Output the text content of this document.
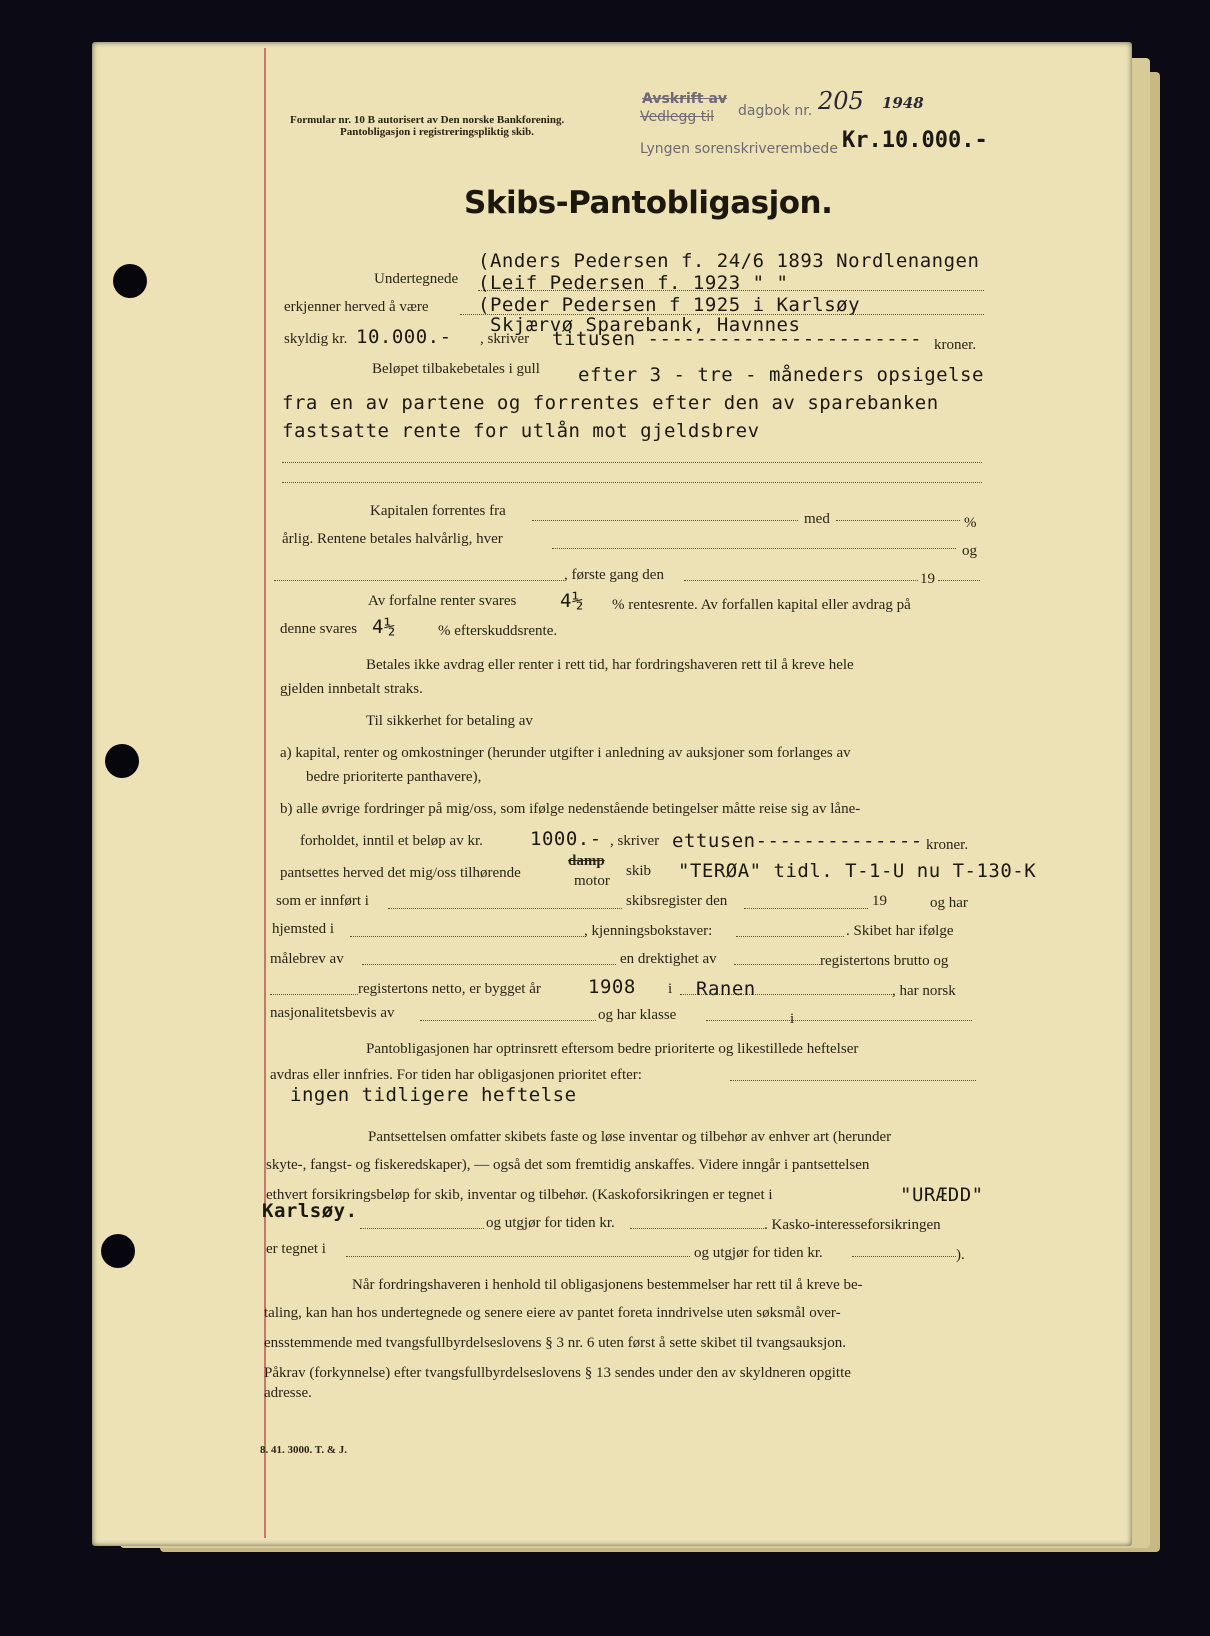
Formular nr. 10 B autorisert av Den norske Bankforening.
Pantobligasjon i registreringspliktig skib.
Avskrift av
Vedlegg til dagbok nr.
Lyngen sorenskriverembede
205 1948
Kr.10.000.-
Skibs-Pantobligasjon.
(Anders Pedersen f. 24/6 1893 Nordlenangen
Undertegnede (Leif Pedersen f. 1923 " "
(Peder Pedersen f 1925 i Karlsøy
erkjenner herved å være
Skjærvø Sparebank, Havnnes
skyldig kr. 10.000.- , skriver titusen ----------------------- kroner.
Beløpet tilbakebetales i gull efter 3 - tre - måneders opsigelse
fra en av partene og forrentes efter den av sparebanken
fastsatte rente for utlån mot gjeldsbrev
Kapitalen forrentes fra	med	%
årlig. Rentene betales halvårlig, hver
og
, første gang den	19
Av forfalne renter svares 4½ % rentesrente. Av forfallen kapital eller avdrag på
denne svares 4½	% efterskuddsrente.
Betales ikke avdrag eller renter i rett tid, har fordringshaveren rett til å kreve hele
gjelden innbetalt straks.
Til sikkerhet for betaling av
a) kapital, renter og omkostninger (herunder utgifter i anledning av auksjoner som forlanges av
bedre prioriterte panthavere),
b) alle øvrige fordringer på mig/oss, som ifølge nedenstående betingelser måtte reise sig av låne-
forholdet, inntil et beløp av kr. 1000.- , skriver ettusen-------------- kroner.
pantsettes herved det mig/oss tilhørende
damp
motor
skib "TERØA" tidl. T-1-U nu T-130-K
som er innført i	skibsregister den	19	og har
hjemsted i	, kjenningsbokstaver:	. Skibet har ifølge
målebrev av	en drektighet av	registertons brutto og
registertons netto, er bygget år 1908 i Ranen	, har norsk
nasjonalitetsbevis av	og har klasse	i
Pantobligasjonen har optrinsrett eftersom bedre prioriterte og likestillede heftelser
avdras eller innfries. For tiden har obligasjonen prioritet efter:
ingen tidligere heftelse
Pantsettelsen omfatter skibets faste og løse inventar og tilbehør av enhver art (herunder
skyte-, fangst- og fiskeredskaper), — også det som fremtidig anskaffes. Videre inngår i pantsettelsen
ethvert forsikringsbeløp for skib, inventar og tilbehør. (Kaskoforsikringen er tegnet i	"URÆDD"
Karlsøy.
og utgjør for tiden kr.	. Kasko-interesseforsikringen
er tegnet i	og utgjør for tiden kr.	).
Når fordringshaveren i henhold til obligasjonens bestemmelser har rett til å kreve be-
taling, kan han hos undertegnede og senere eiere av pantet foreta inndrivelse uten søksmål over-
ensstemmende med tvangsfullbyrdelseslovens § 3 nr. 6 uten først å sette skibet til tvangsauksjon.
Påkrav (forkynnelse) efter tvangsfullbyrdelseslovens § 13 sendes under den av skyldneren opgitte
adresse.
8. 41. 3000. T. & J.
